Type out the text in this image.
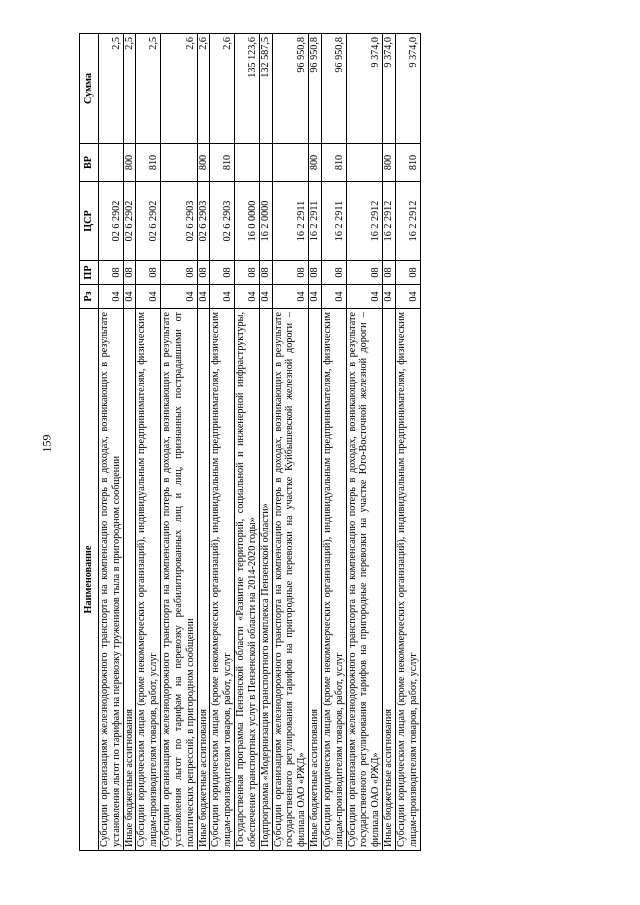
159
Наименование	Рз	ПР	ЦСР	ВР	Сумма
Субсидии организациям железнодорожного транспорта на компенсацию потерь в доходах, возникающих в результате установления льгот по тарифам на перевозку тружеников тыла в пригородном сообщении	04	08	02 6 2902		2,5
Иные бюджетные ассигнования	04	08	02 6 2902	800	2,5
Субсидии юридическим лицам (кроме некоммерческих организаций), индивидуальным предпринимателям, физическим лицам-производителям товаров, работ, услуг	04	08	02 6 2902	810	2,5
Субсидии организациям железнодорожного транспорта на компенсацию потерь в доходах, возникающих в результате установления льгот по тарифам на перевозку реабилитированных лиц и лиц, признанных пострадавшими от политических репрессий, в пригородном сообщении	04	08	02 6 2903		2,6
Иные бюджетные ассигнования	04	08	02 6 2903	800	2,6
Субсидии юридическим лицам (кроме некоммерческих организаций), индивидуальным предпринимателям, физическим лицам-производителям товаров, работ, услуг	04	08	02 6 2903	810	2,6
Государственная программа Пензенской области «Развитие территорий, социальной и инженерной инфраструктуры, обеспечение транспортных услуг в Пензенской области на 2014-2020 годы»	04	08	16 0 0000		135 123,6
Подпрограмма «Модернизация транспортного комплекса Пензенской области»	04	08	16 2 0000		132 587,5
Субсидии организациям железнодорожного транспорта на компенсацию потерь в доходах, возникающих в результате государственного регулирования тарифов на пригородные перевозки на участке Куйбышевской железной дороги – филиала ОАО «РЖД»	04	08	16 2 2911		96 950,8
Иные бюджетные ассигнования	04	08	16 2 2911	800	96 950,8
Субсидии юридическим лицам (кроме некоммерческих организаций), индивидуальным предпринимателям, физическим лицам-производителям товаров, работ, услуг	04	08	16 2 2911	810	96 950,8
Субсидии организациям железнодорожного транспорта на компенсацию потерь в доходах, возникающих в результате государственного регулирования тарифов на пригородные перевозки на участке Юго-Восточной железной дороги – филиала ОАО «РЖД»	04	08	16 2 2912		9 374,0
Иные бюджетные ассигнования	04	08	16 2 2912	800	9 374,0
Субсидии юридическим лицам (кроме некоммерческих организаций), индивидуальным предпринимателям, физическим лицам-производителям товаров, работ, услуг	04	08	16 2 2912	810	9 374,0
